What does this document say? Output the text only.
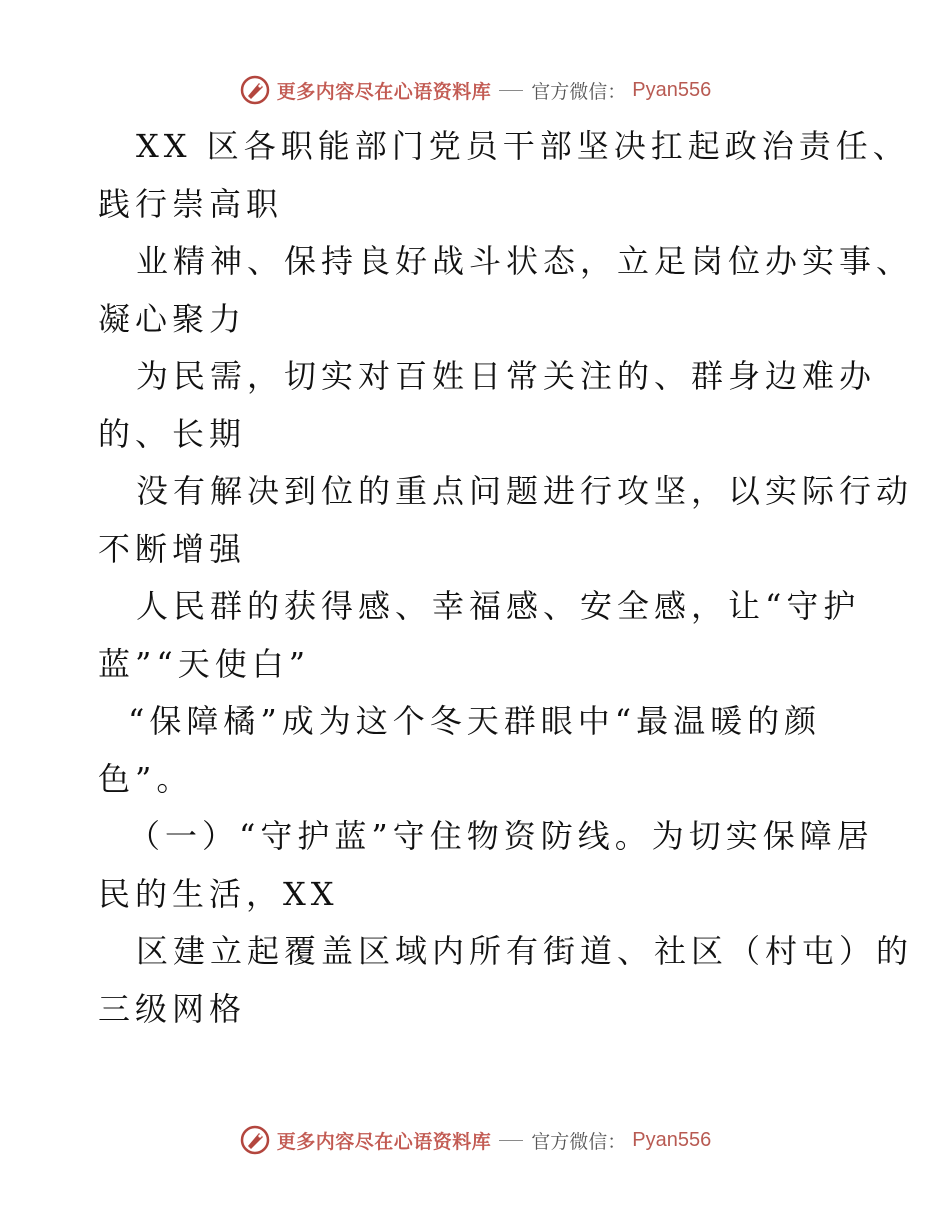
更多内容尽在心语资料库 官方微信： Pyan556
XX 区各职能部门党员干部坚决扛起政治责任、
践行崇高职
业精神、保持良好战斗状态，立足岗位办实事、
凝心聚力
为民需，切实对百姓日常关注的、群身边难办
的、长期
没有解决到位的重点问题进行攻坚，以实际行动
不断增强
人民群的获得感、幸福感、安全感，让“守护
蓝”“天使白”
“保障橘”成为这个冬天群眼中“最温暖的颜
色”。
（一）“守护蓝”守住物资防线。为切实保障居
民的生活，XX
区建立起覆盖区域内所有街道、社区（村屯）的
三级网格
更多内容尽在心语资料库 官方微信： Pyan556
